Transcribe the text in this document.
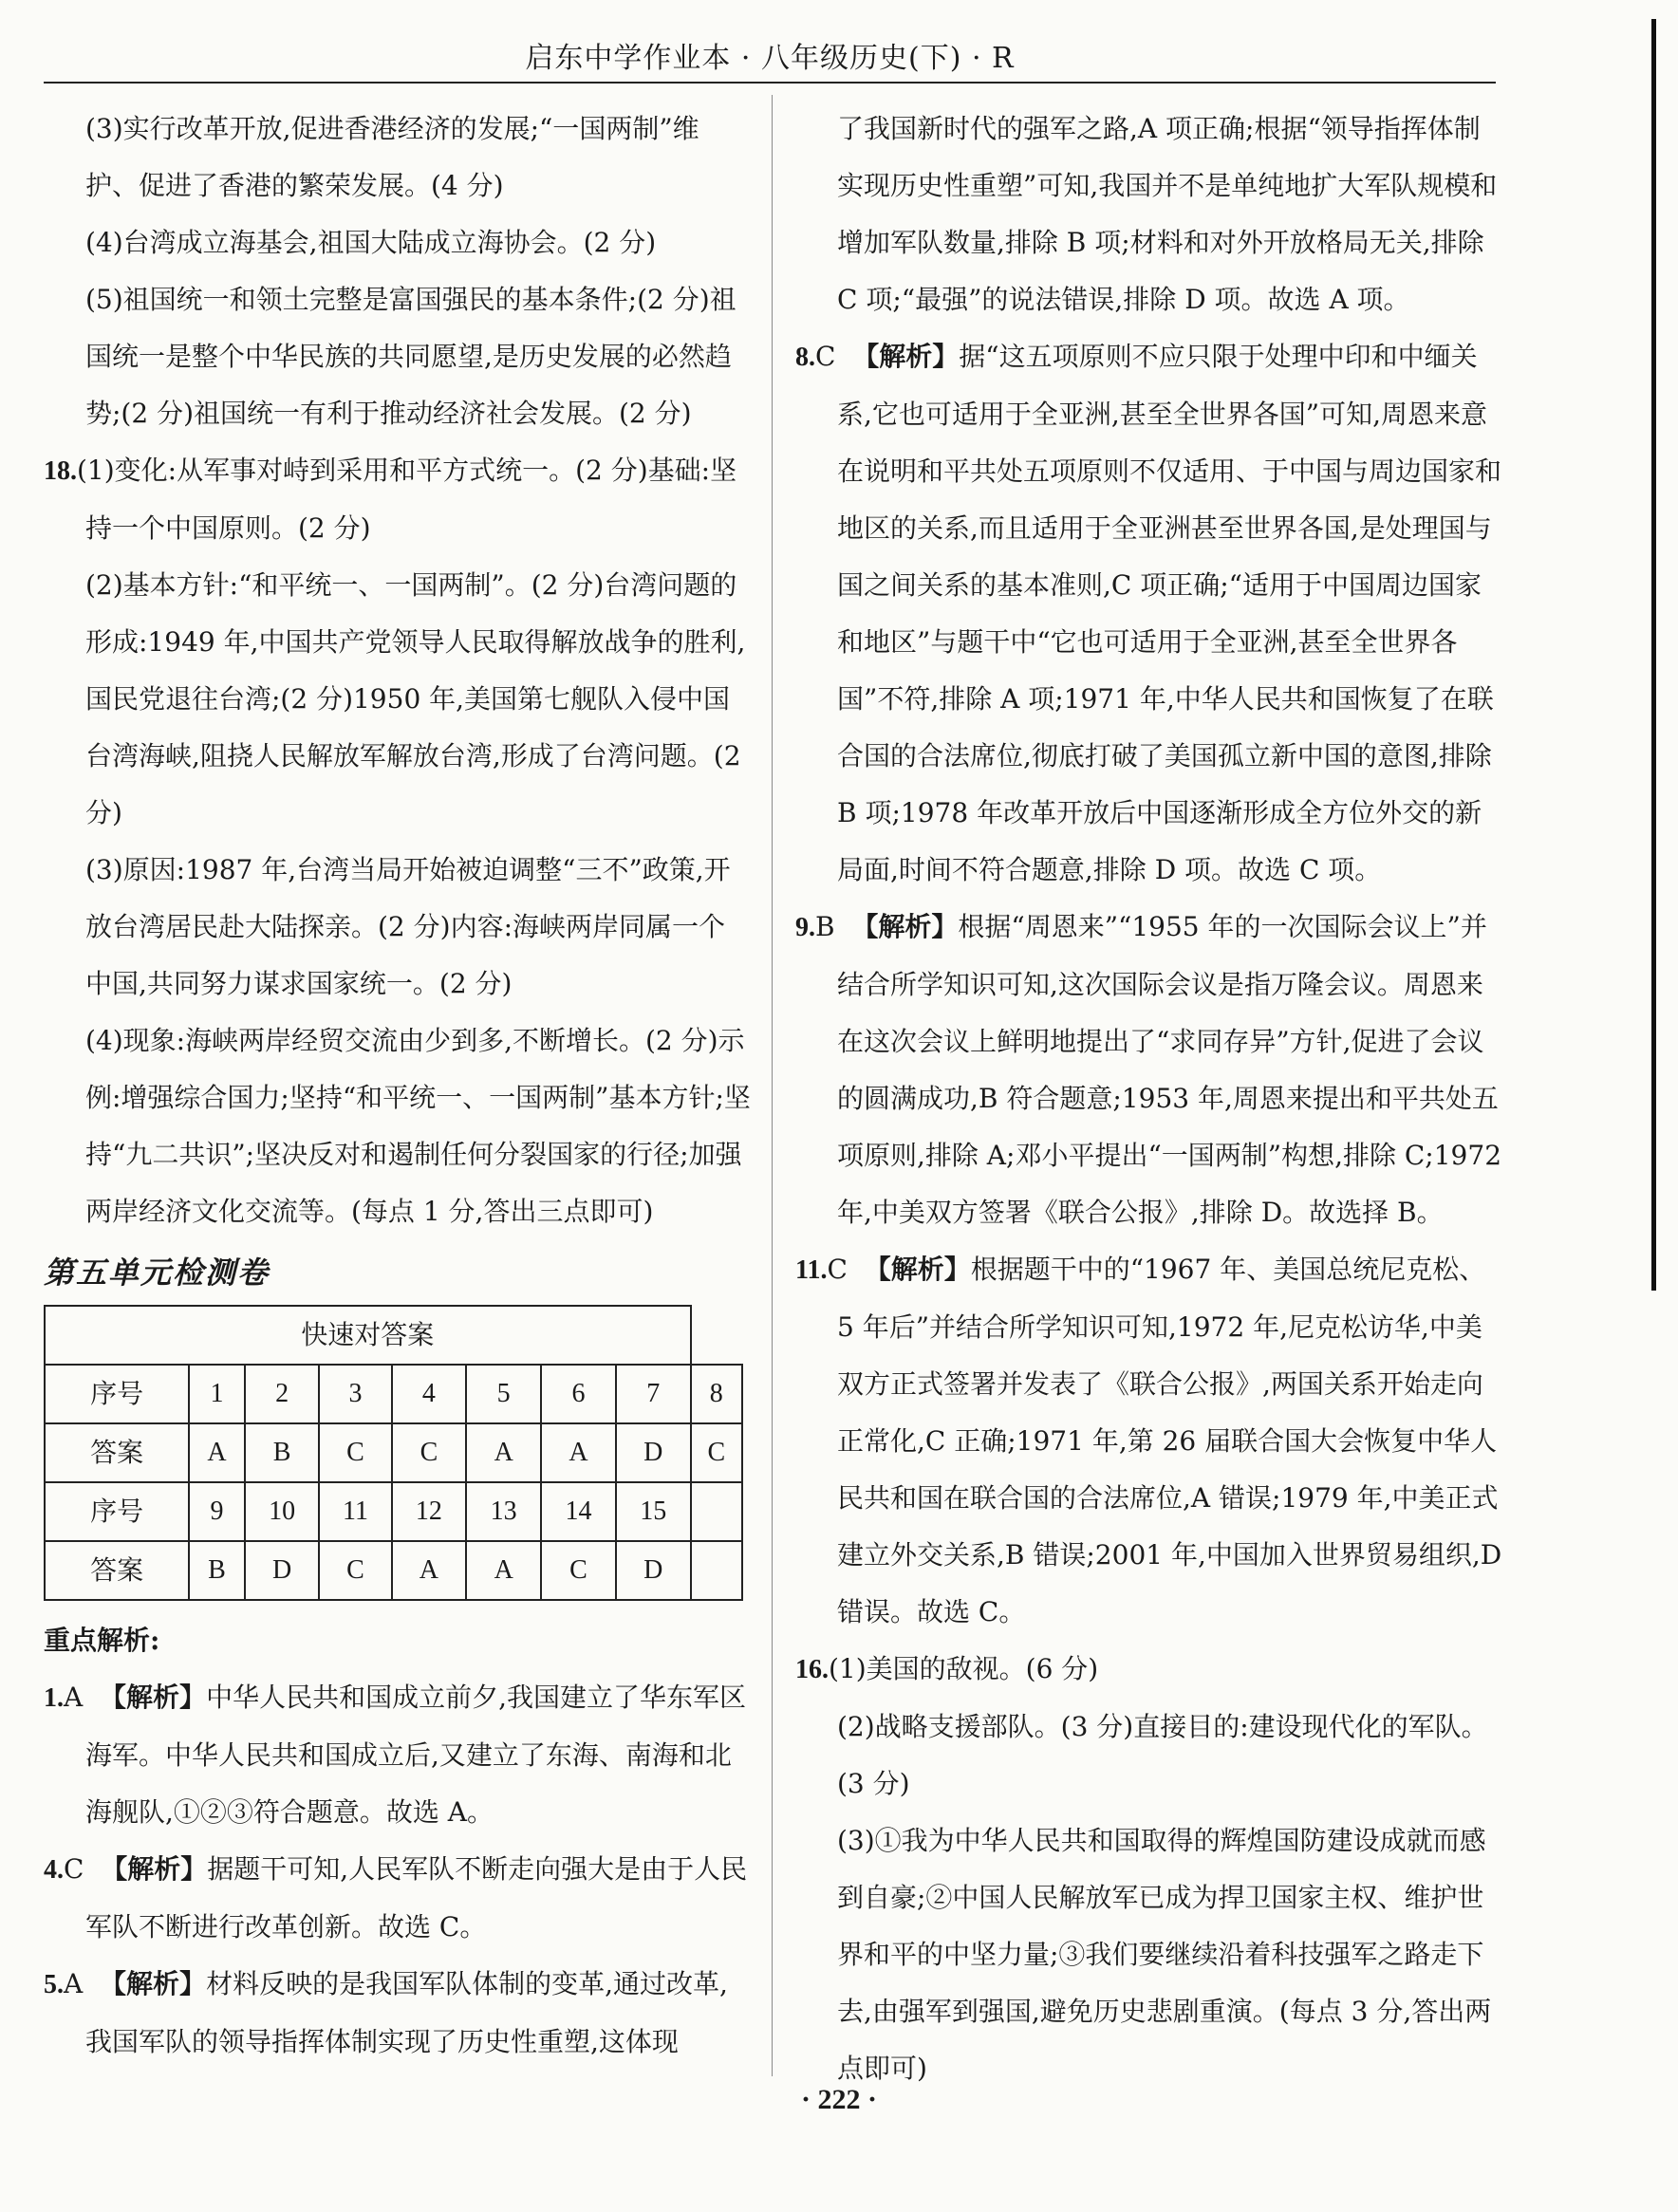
启东中学作业本 · 八年级历史(下) · R

(3)实行改革开放,促进香港经济的发展;“一国两制”维护、促进了香港的繁荣发展。(4 分)

(4)台湾成立海基会,祖国大陆成立海协会。(2 分)

(5)祖国统一和领土完整是富国强民的基本条件;(2 分)祖国统一是整个中华民族的共同愿望,是历史发展的必然趋势;(2 分)祖国统一有利于推动经济社会发展。(2 分)

18.(1)变化:从军事对峙到采用和平方式统一。(2 分)基础:坚持一个中国原则。(2 分)

(2)基本方针:“和平统一、一国两制”。(2 分)台湾问题的形成:1949 年,中国共产党领导人民取得解放战争的胜利,国民党退往台湾;(2 分)1950 年,美国第七舰队入侵中国台湾海峡,阻挠人民解放军解放台湾,形成了台湾问题。(2 分)

(3)原因:1987 年,台湾当局开始被迫调整“三不”政策,开放台湾居民赴大陆探亲。(2 分)内容:海峡两岸同属一个中国,共同努力谋求国家统一。(2 分)

(4)现象:海峡两岸经贸交流由少到多,不断增长。(2 分)示例:增强综合国力;坚持“和平统一、一国两制”基本方针;坚持“九二共识”;坚决反对和遏制任何分裂国家的行径;加强两岸经济文化交流等。(每点 1 分,答出三点即可)

第五单元检测卷
快速对答案								
序号	1	2	3	4	5	6	7	8
答案	A	B	C	C	A	A	D	C
序号	9	10	11	12	13	14	15	
答案	B	D	C	A	A	C	D	
重点解析:

1.A 【解析】中华人民共和国成立前夕,我国建立了华东军区海军。中华人民共和国成立后,又建立了东海、南海和北海舰队,①②③符合题意。故选 A。

4.C 【解析】据题干可知,人民军队不断走向强大是由于人民军队不断进行改革创新。故选 C。

5.A 【解析】材料反映的是我国军队体制的变革,通过改革,我国军队的领导指挥体制实现了历史性重塑,这体现

了我国新时代的强军之路,A 项正确;根据“领导指挥体制实现历史性重塑”可知,我国并不是单纯地扩大军队规模和增加军队数量,排除 B 项;材料和对外开放格局无关,排除 C 项;“最强”的说法错误,排除 D 项。故选 A 项。

8.C 【解析】据“这五项原则不应只限于处理中印和中缅关系,它也可适用于全亚洲,甚至全世界各国”可知,周恩来意在说明和平共处五项原则不仅适用、于中国与周边国家和地区的关系,而且适用于全亚洲甚至世界各国,是处理国与国之间关系的基本准则,C 项正确;“适用于中国周边国家和地区”与题干中“它也可适用于全亚洲,甚至全世界各国”不符,排除 A 项;1971 年,中华人民共和国恢复了在联合国的合法席位,彻底打破了美国孤立新中国的意图,排除 B 项;1978 年改革开放后中国逐渐形成全方位外交的新局面,时间不符合题意,排除 D 项。故选 C 项。

9.B 【解析】根据“周恩来”“1955 年的一次国际会议上”并结合所学知识可知,这次国际会议是指万隆会议。周恩来在这次会议上鲜明地提出了“求同存异”方针,促进了会议的圆满成功,B 符合题意;1953 年,周恩来提出和平共处五项原则,排除 A;邓小平提出“一国两制”构想,排除 C;1972 年,中美双方签署《联合公报》,排除 D。故选择 B。

11.C 【解析】根据题干中的“1967 年、美国总统尼克松、5 年后”并结合所学知识可知,1972 年,尼克松访华,中美双方正式签署并发表了《联合公报》,两国关系开始走向正常化,C 正确;1971 年,第 26 届联合国大会恢复中华人民共和国在联合国的合法席位,A 错误;1979 年,中美正式建立外交关系,B 错误;2001 年,中国加入世界贸易组织,D 错误。故选 C。

16.(1)美国的敌视。(6 分)

(2)战略支援部队。(3 分)直接目的:建设现代化的军队。(3 分)

(3)①我为中华人民共和国取得的辉煌国防建设成就而感到自豪;②中国人民解放军已成为捍卫国家主权、维护世界和平的中坚力量;③我们要继续沿着科技强军之路走下去,由强军到强国,避免历史悲剧重演。(每点 3 分,答出两点即可)

· 222 ·
